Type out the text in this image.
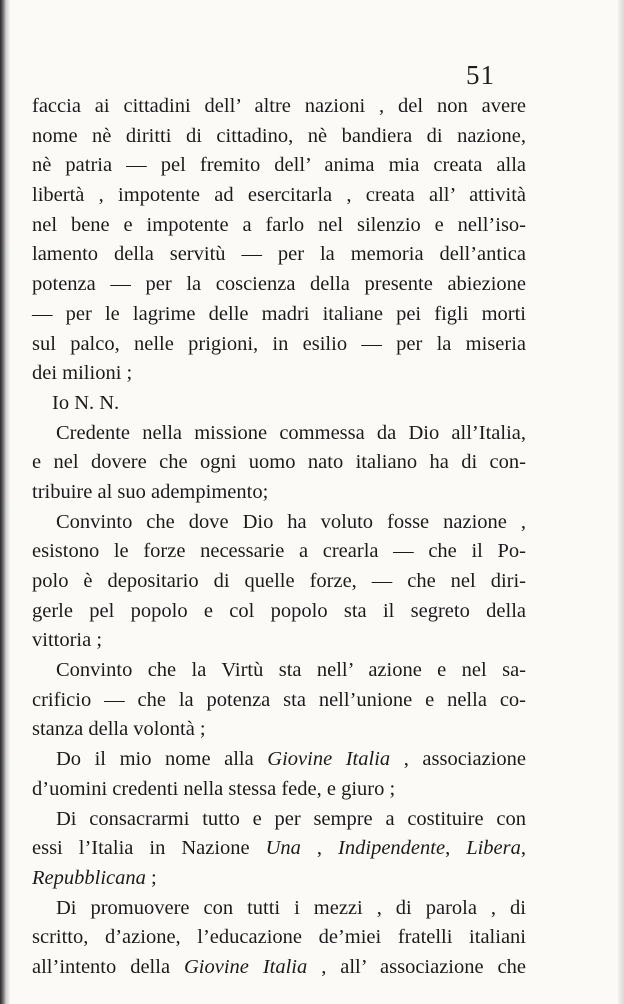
51
faccia ai cittadini dell’ altre nazioni , del non avere
nome nè diritti di cittadino, nè bandiera di nazione,
nè patria — pel fremito dell’ anima mia creata alla
libertà , impotente ad esercitarla , creata all’ attività
nel bene e impotente a farlo nel silenzio e nell’iso-
lamento della servitù — per la memoria dell’antica
potenza — per la coscienza della presente abiezione
— per le lagrime delle madri italiane pei figli morti
sul palco, nelle prigioni, in esilio — per la miseria
dei milioni ;
Io N. N.
Credente nella missione commessa da Dio all’Italia,
e nel dovere che ogni uomo nato italiano ha di con-
tribuire al suo adempimento;
Convinto che dove Dio ha voluto fosse nazione ,
esistono le forze necessarie a crearla — che il Po-
polo è depositario di quelle forze, — che nel diri-
gerle pel popolo e col popolo sta il segreto della
vittoria ;
Convinto che la Virtù sta nell’ azione e nel sa-
crificio — che la potenza sta nell’unione e nella co-
stanza della volontà ;
Do il mio nome alla Giovine Italia , associazione
d’uomini credenti nella stessa fede, e giuro ;
Di consacrarmi tutto e per sempre a costituire con
essi l’Italia in Nazione Una , Indipendente, Libera,
Repubblicana ;
Di promuovere con tutti i mezzi , di parola , di
scritto, d’azione, l’educazione de’miei fratelli italiani
all’intento della Giovine Italia , all’ associazione che
